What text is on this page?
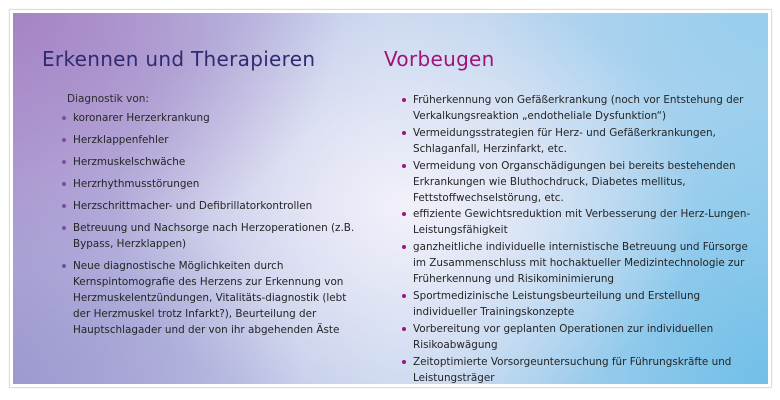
Erkennen und Therapieren
Diagnostik von:
koronarer Herzerkrankung
Herzklappenfehler
Herzmuskelschwäche
Herzrhythmusstörungen
Herzschrittmacher- und Defibrillatorkontrollen
Betreuung und Nachsorge nach Herzoperationen (z.B. Bypass, Herzklappen)
Neue diagnostische Möglichkeiten durch Kernspintomografie des Herzens zur Erkennung von Herzmuskelentzündungen, Vitalitäts-diagnostik (lebt der Herzmuskel trotz Infarkt?), Beurteilung der Hauptschlagader und der von ihr abgehenden Äste
Vorbeugen
Früherkennung von Gefäßerkrankung (noch vor Entstehung der Verkalkungsreaktion „endotheliale Dysfunktion“)
Vermeidungsstrategien für Herz- und Gefäßerkrankungen, Schlaganfall, Herzinfarkt, etc.
Vermeidung von Organschädigungen bei bereits bestehenden Erkrankungen wie Bluthochdruck, Diabetes mellitus, Fettstoffwechselstörung, etc.
effiziente Gewichtsreduktion mit Verbesserung der Herz-Lungen-Leistungsfähigkeit
ganzheitliche individuelle internistische Betreuung und Fürsorge im Zusammenschluss mit hochaktueller Medizintechnologie zur Früherkennung und Risikominimierung
Sportmedizinische Leistungsbeurteilung und Erstellung individueller Trainingskonzepte
Vorbereitung vor geplanten Operationen zur individuellen Risikoabwägung
Zeitoptimierte Vorsorgeuntersuchung für Führungskräfte und Leistungsträger
